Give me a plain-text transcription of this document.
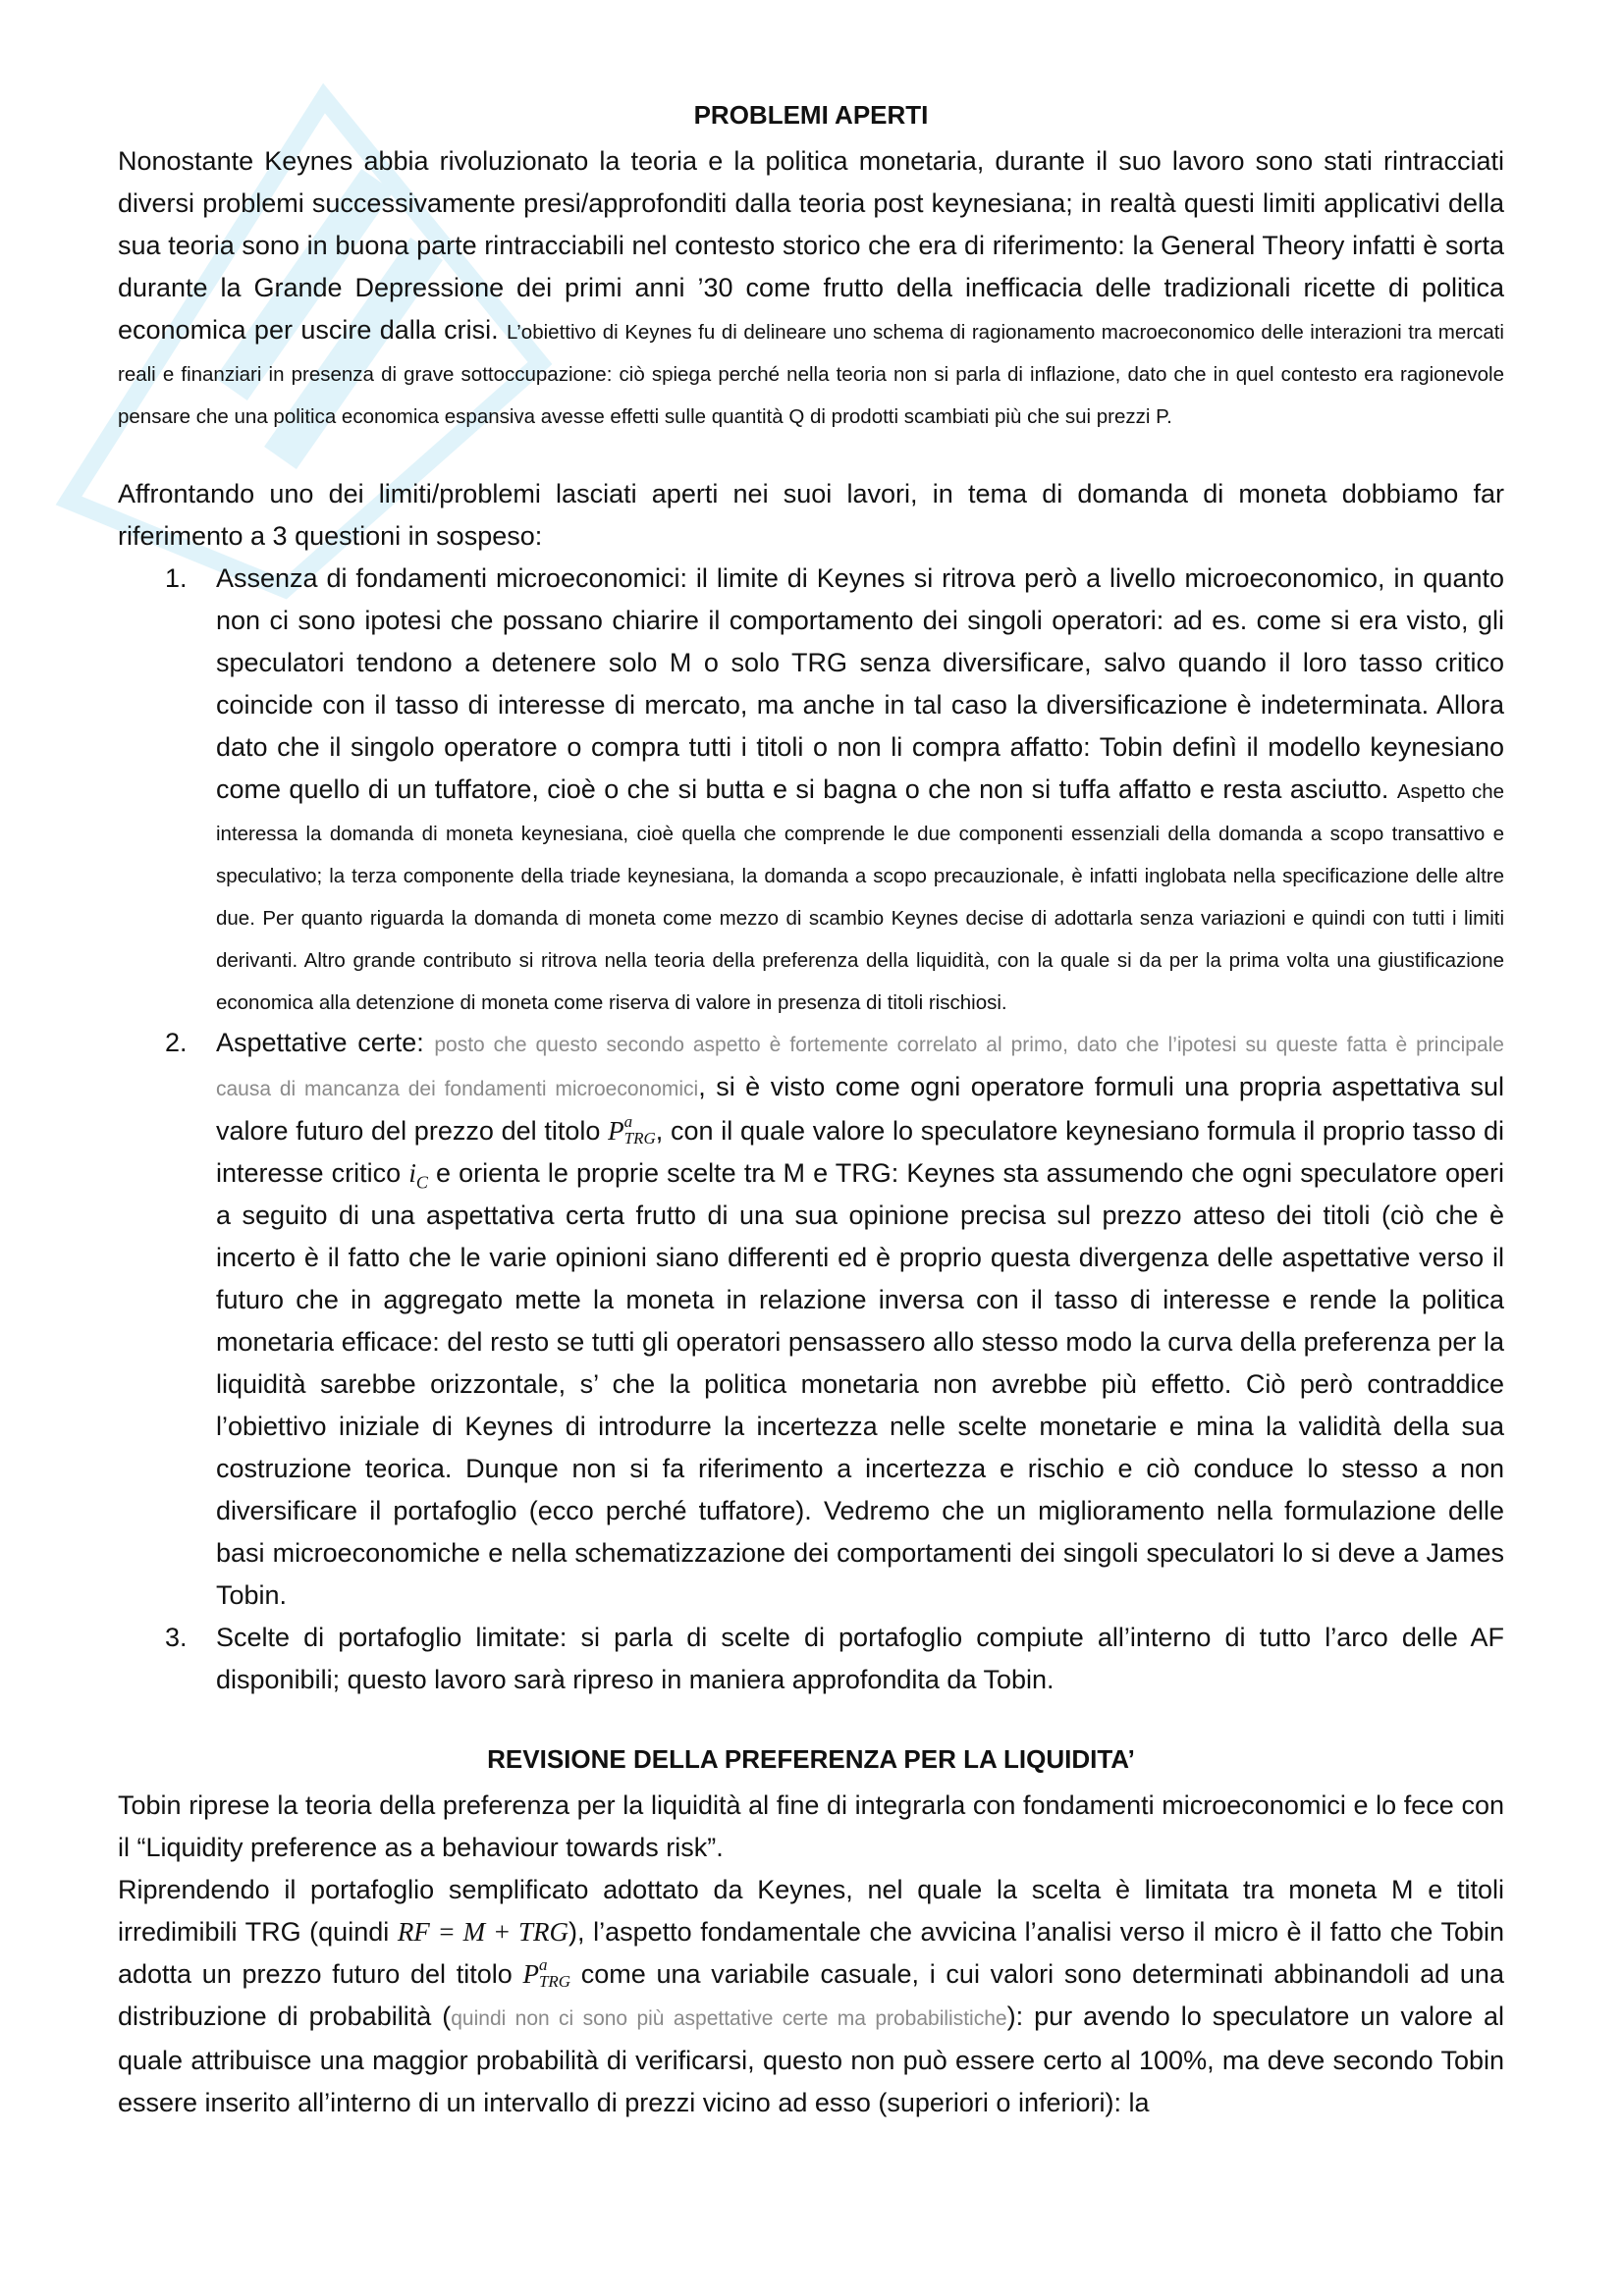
PROBLEMI APERTI

Nonostante Keynes abbia rivoluzionato la teoria e la politica monetaria, durante il suo lavoro sono stati rintracciati diversi problemi successivamente presi/approfonditi dalla teoria post keynesiana; in realtà questi limiti applicativi della sua teoria sono in buona parte rintracciabili nel contesto storico che era di riferimento: la General Theory infatti è sorta durante la Grande Depressione dei primi anni ’30 come frutto della inefficacia delle tradizionali ricette di politica economica per uscire dalla crisi. L’obiettivo di Keynes fu di delineare uno schema di ragionamento macroeconomico delle interazioni tra mercati reali e finanziari in presenza di grave sottoccupazione: ciò spiega perché nella teoria non si parla di inflazione, dato che in quel contesto era ragionevole pensare che una politica economica espansiva avesse effetti sulle quantità Q di prodotti scambiati più che sui prezzi P.

Affrontando uno dei limiti/problemi lasciati aperti nei suoi lavori, in tema di domanda di moneta dobbiamo far riferimento a 3 questioni in sospeso:

1. Assenza di fondamenti microeconomici: il limite di Keynes si ritrova però a livello microeconomico, in quanto non ci sono ipotesi che possano chiarire il comportamento dei singoli operatori: ad es. come si era visto, gli speculatori tendono a detenere solo M o solo TRG senza diversificare, salvo quando il loro tasso critico coincide con il tasso di interesse di mercato, ma anche in tal caso la diversificazione è indeterminata. Allora dato che il singolo operatore o compra tutti i titoli o non li compra affatto: Tobin definì il modello keynesiano come quello di un tuffatore, cioè o che si butta e si bagna o che non si tuffa affatto e resta asciutto. Aspetto che interessa la domanda di moneta keynesiana, cioè quella che comprende le due componenti essenziali della domanda a scopo transattivo e speculativo; la terza componente della triade keynesiana, la domanda a scopo precauzionale, è infatti inglobata nella specificazione delle altre due. Per quanto riguarda la domanda di moneta come mezzo di scambio Keynes decise di adottarla senza variazioni e quindi con tutti i limiti derivanti. Altro grande contributo si ritrova nella teoria della preferenza della liquidità, con la quale si da per la prima volta una giustificazione economica alla detenzione di moneta come riserva di valore in presenza di titoli rischiosi.
2. Aspettative certe: posto che questo secondo aspetto è fortemente correlato al primo, dato che l’ipotesi su queste fatta è principale causa di mancanza dei fondamenti microeconomici, si è visto come ogni operatore formuli una propria aspettativa sul valore futuro del prezzo del titolo P a
TRG , con il quale valore lo speculatore keynesiano formula il proprio tasso di interesse critico $i_C$ e orienta le proprie scelte tra M e TRG: Keynes sta assumendo che ogni speculatore operi a seguito di una aspettativa certa frutto di una sua opinione precisa sul prezzo atteso dei titoli (ciò che è incerto è il fatto che le varie opinioni siano differenti ed è proprio questa divergenza delle aspettative verso il futuro che in aggregato mette la moneta in relazione inversa con il tasso di interesse e rende la politica monetaria efficace: del resto se tutti gli operatori pensassero allo stesso modo la curva della preferenza per la liquidità sarebbe orizzontale, s’ che la politica monetaria non avrebbe più effetto. Ciò però contraddice l’obiettivo iniziale di Keynes di introdurre la incertezza nelle scelte monetarie e mina la validità della sua costruzione teorica. Dunque non si fa riferimento a incertezza e rischio e ciò conduce lo stesso a non diversificare il portafoglio (ecco perché tuffatore). Vedremo che un miglioramento nella formulazione delle basi microeconomiche e nella schematizzazione dei comportamenti dei singoli speculatori lo si deve a James Tobin.
3. Scelte di portafoglio limitate: si parla di scelte di portafoglio compiute all’interno di tutto l’arco delle AF disponibili; questo lavoro sarà ripreso in maniera approfondita da Tobin.
REVISIONE DELLA PREFERENZA PER LA LIQUIDITA’

Tobin riprese la teoria della preferenza per la liquidità al fine di integrarla con fondamenti microeconomici e lo fece con il “Liquidity preference as a behaviour towards risk”.

Riprendendo il portafoglio semplificato adottato da Keynes, nel quale la scelta è limitata tra moneta M e titoli irredimibili TRG (quindi RF = M + TRG), l’aspetto fondamentale che avvicina l’analisi verso il micro è il fatto che Tobin adotta un prezzo futuro del titolo P a
TRG come una variabile casuale, i cui valori sono determinati abbinandoli ad una distribuzione di probabilità (quindi non ci sono più aspettative certe ma probabilistiche): pur avendo lo speculatore un valore al quale attribuisce una maggior probabilità di verificarsi, questo non può essere certo al 100%, ma deve secondo Tobin essere inserito all’interno di un intervallo di prezzi vicino ad esso (superiori o inferiori): la
